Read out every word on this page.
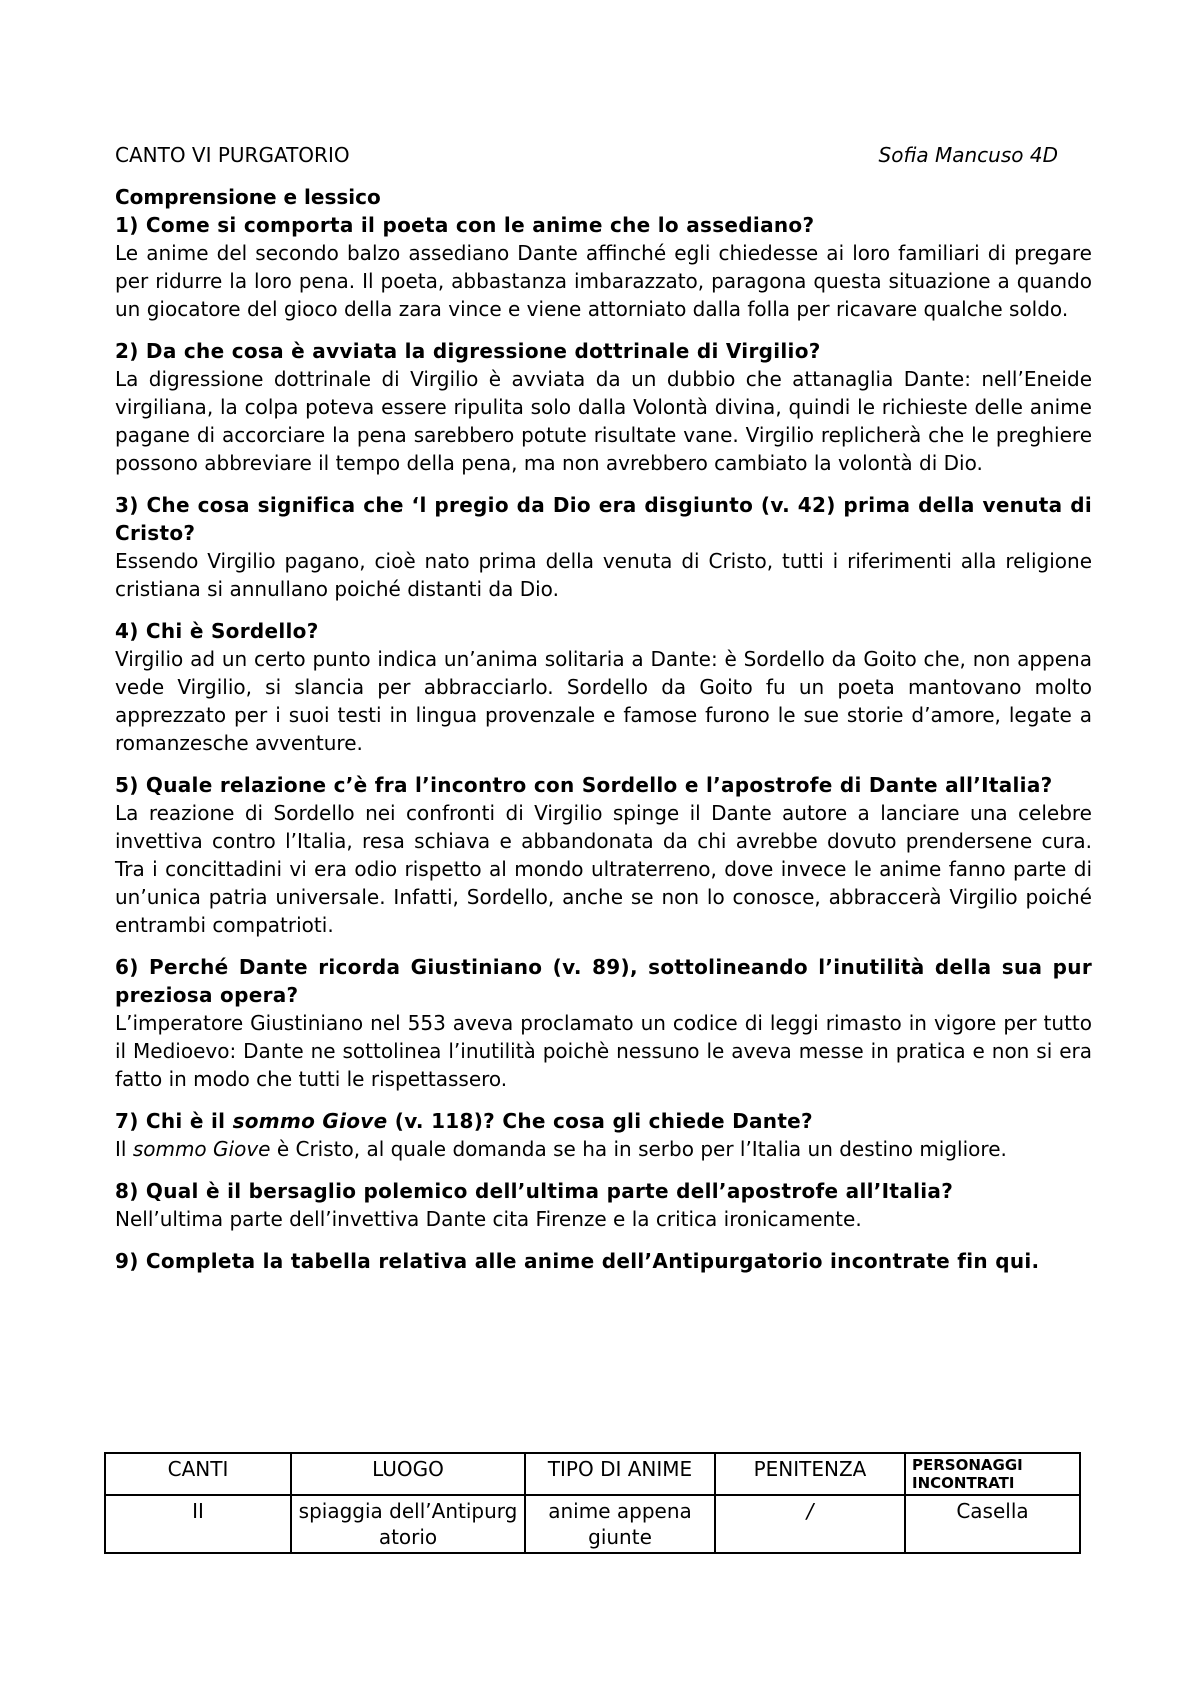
CANTO VI PURGATORIO	Sofia Mancuso 4D
Comprensione e lessico
1) Come si comporta il poeta con le anime che lo assediano?
Le anime del secondo balzo assediano Dante affinché egli chiedesse ai loro familiari di pregare per ridurre la loro pena. Il poeta, abbastanza imbarazzato, paragona questa situazione a quando un giocatore del gioco della zara vince e viene attorniato dalla folla per ricavare qualche soldo.
2) Da che cosa è avviata la digressione dottrinale di Virgilio?
La digressione dottrinale di Virgilio è avviata da un dubbio che attanaglia Dante: nell’Eneide virgiliana, la colpa poteva essere ripulita solo dalla Volontà divina, quindi le richieste delle anime pagane di accorciare la pena sarebbero potute risultate vane. Virgilio replicherà che le preghiere possono abbreviare il tempo della pena, ma non avrebbero cambiato la volontà di Dio.
3) Che cosa significa che ‘l pregio da Dio era disgiunto (v. 42) prima della venuta di Cristo?
Essendo Virgilio pagano, cioè nato prima della venuta di Cristo, tutti i riferimenti alla religione cristiana si annullano poiché distanti da Dio.
4) Chi è Sordello?
Virgilio ad un certo punto indica un’anima solitaria a Dante: è Sordello da Goito che, non appena vede Virgilio, si slancia per abbracciarlo. Sordello da Goito fu un poeta mantovano molto apprezzato per i suoi testi in lingua provenzale e famose furono le sue storie d’amore, legate a romanzesche avventure.
5) Quale relazione c’è fra l’incontro con Sordello e l’apostrofe di Dante all’Italia?
La reazione di Sordello nei confronti di Virgilio spinge il Dante autore a lanciare una celebre invettiva contro l’Italia, resa schiava e abbandonata da chi avrebbe dovuto prendersene cura. Tra i concittadini vi era odio rispetto al mondo ultraterreno, dove invece le anime fanno parte di un’unica patria universale. Infatti, Sordello, anche se non lo conosce, abbraccerà Virgilio poiché entrambi compatrioti.
6) Perché Dante ricorda Giustiniano (v. 89), sottolineando l’inutilità della sua pur preziosa opera?
L’imperatore Giustiniano nel 553 aveva proclamato un codice di leggi rimasto in vigore per tutto il Medioevo: Dante ne sottolinea l’inutilità poichè nessuno le aveva messe in pratica e non si era fatto in modo che tutti le rispettassero.
7) Chi è il sommo Giove (v. 118)? Che cosa gli chiede Dante?
Il sommo Giove è Cristo, al quale domanda se ha in serbo per l’Italia un destino migliore.
8) Qual è il bersaglio polemico dell’ultima parte dell’apostrofe all’Italia?
Nell’ultima parte dell’invettiva Dante cita Firenze e la critica ironicamente.
9) Completa la tabella relativa alle anime dell’Antipurgatorio incontrate fin qui.
CANTI	LUOGO	TIPO DI ANIME	PENITENZA	PERSONAGGI INCONTRATI
II	spiaggia dell’Antipurgatorio	anime appena giunte	/	Casella
